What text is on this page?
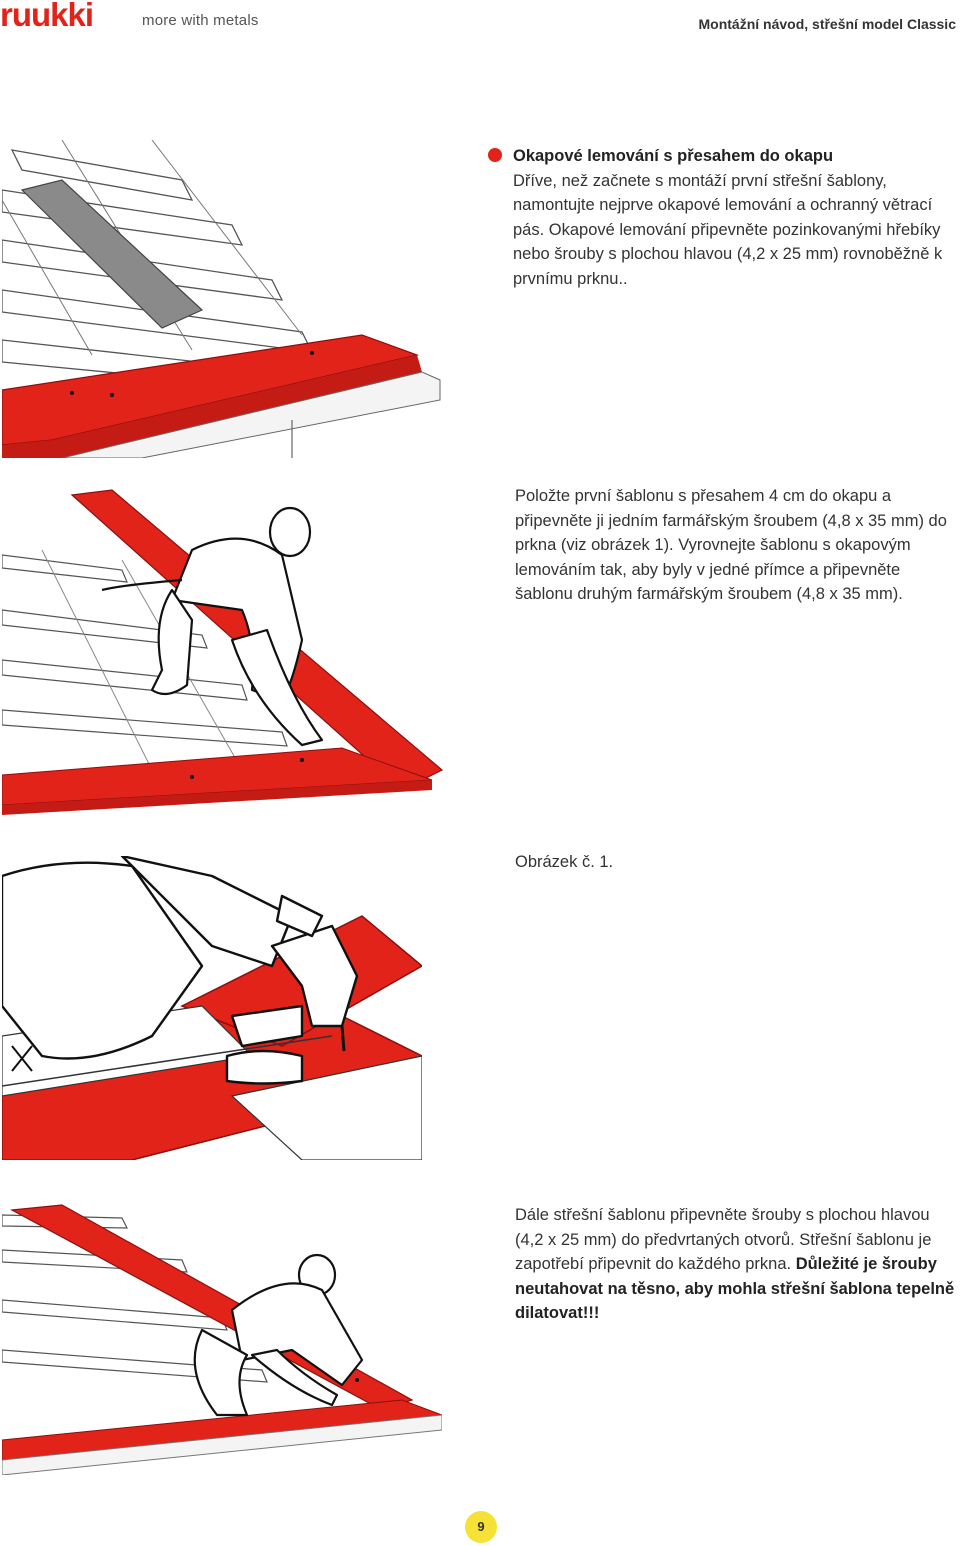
ruukki	more with metals	Montážní návod, střešní model Classic
Okapové lemování s přesahem do okapu
Dříve, než začnete s montáží první střešní šablony, namontujte nejprve okapové lemování a ochranný větrací pás. Okapové lemování připevněte pozinkovanými hřebíky nebo šrouby s plochou hlavou (4,2 x 25 mm) rovnoběžně k prvnímu prknu..
Položte první šablonu s přesahem 4 cm do okapu a připevněte ji jedním farmářským šroubem (4,8 x 35 mm) do prkna (viz obrázek 1). Vyrovnejte šablonu s okapovým lemováním tak, aby byly v jedné přímce a připevněte šablonu druhým farmářským šroubem (4,8 x 35 mm).
Obrázek č. 1.
Dále střešní šablonu připevněte šrouby s plochou hlavou (4,2 x 25 mm) do předvrtaných otvorů. Střešní šablonu je zapotřebí připevnit do každého prkna. Důležité je šrouby neutahovat na těsno, aby mohla střešní šablona tepelně dilatovat!!!
9
